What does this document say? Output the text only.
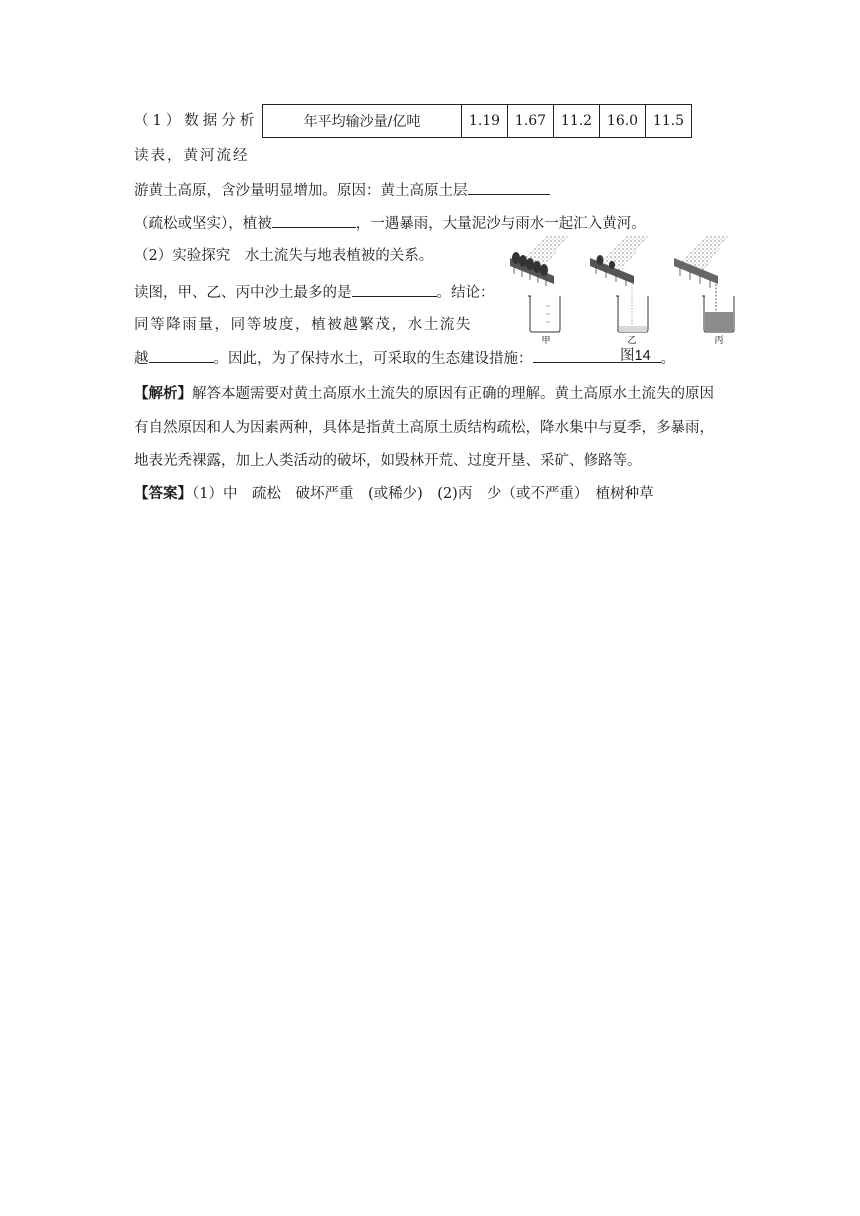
（1）数据分析	年平均输沙量/亿吨	1.19	1.67	11.2	16.0	11.5
读表，黄河流经
游黄土高原，含沙量明显增加。原因：黄土高原土层
（疏松或坚实），植被	，一遇暴雨，大量泥沙与雨水一起汇入黄河。
（2）实验探究　水土流失与地表植被的关系。
读图，甲、乙、丙中沙土最多的是	。结论：
同等降雨量，同等坡度，植被越繁茂，水土流失
越	。因此，为了保持水土，可采取的生态建设措施：	。
甲	乙	丙
图14
【解析】解答本题需要对黄土高原水土流失的原因有正确的理解。黄土高原水土流失的原因
有自然原因和人为因素两种，具体是指黄土高原土质结构疏松，降水集中与夏季，多暴雨，
地表光秃裸露，加上人类活动的破坏，如毁林开荒、过度开垦、采矿、修路等。
【答案】（1）中　疏松　破坏严重　(或稀少)　(2)丙　少（或不严重）　植树种草
